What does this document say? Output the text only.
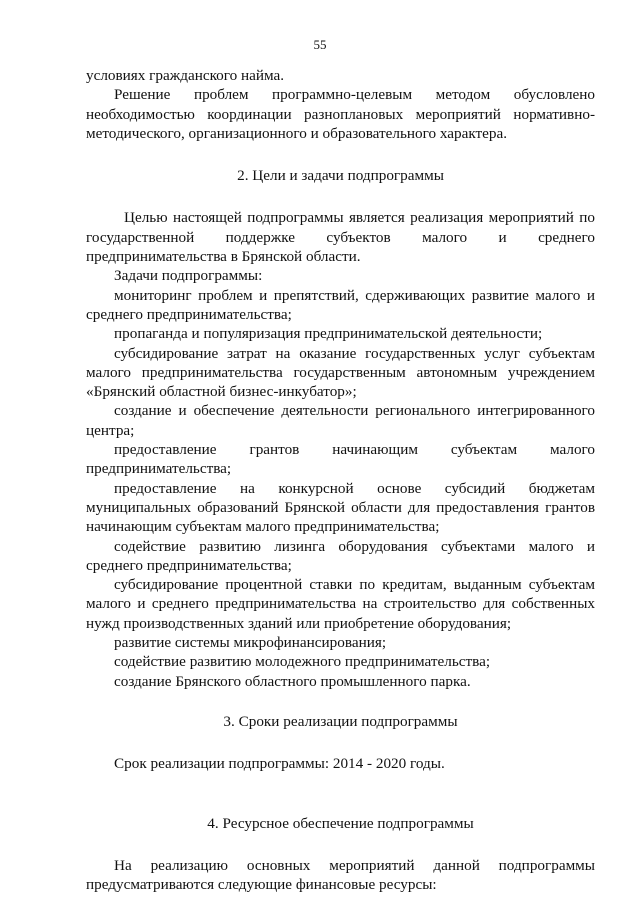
55

условиях гражданского найма.

Решение проблем программно-целевым методом обусловлено необходимостью координации разноплановых мероприятий нормативно-методического, организационного и образовательного характера.

2. Цели и задачи подпрограммы

Целью настоящей подпрограммы является реализация мероприятий по государственной поддержке субъектов малого и среднего предпринимательства в Брянской области.

Задачи подпрограммы:

мониторинг проблем и препятствий, сдерживающих развитие малого и среднего предпринимательства;

пропаганда и популяризация предпринимательской деятельности;

субсидирование затрат на оказание государственных услуг субъектам малого предпринимательства государственным автономным учреждением «Брянский областной бизнес-инкубатор»;

создание и обеспечение деятельности регионального интегрированного центра;

предоставление грантов начинающим субъектам малого предпринимательства;

предоставление на конкурсной основе субсидий бюджетам муниципальных образований Брянской области для предоставления грантов начинающим субъектам малого предпринимательства;

содействие развитию лизинга оборудования субъектами малого и среднего предпринимательства;

субсидирование процентной ставки по кредитам, выданным субъектам малого и среднего предпринимательства на строительство для собственных нужд производственных зданий или приобретение оборудования;

развитие системы микрофинансирования;

содействие развитию молодежного предпринимательства;

создание Брянского областного промышленного парка.

3. Сроки реализации подпрограммы

Срок реализации подпрограммы: 2014 - 2020 годы.

4. Ресурсное обеспечение подпрограммы

На реализацию основных мероприятий данной подпрограммы предусматриваются следующие финансовые ресурсы:
